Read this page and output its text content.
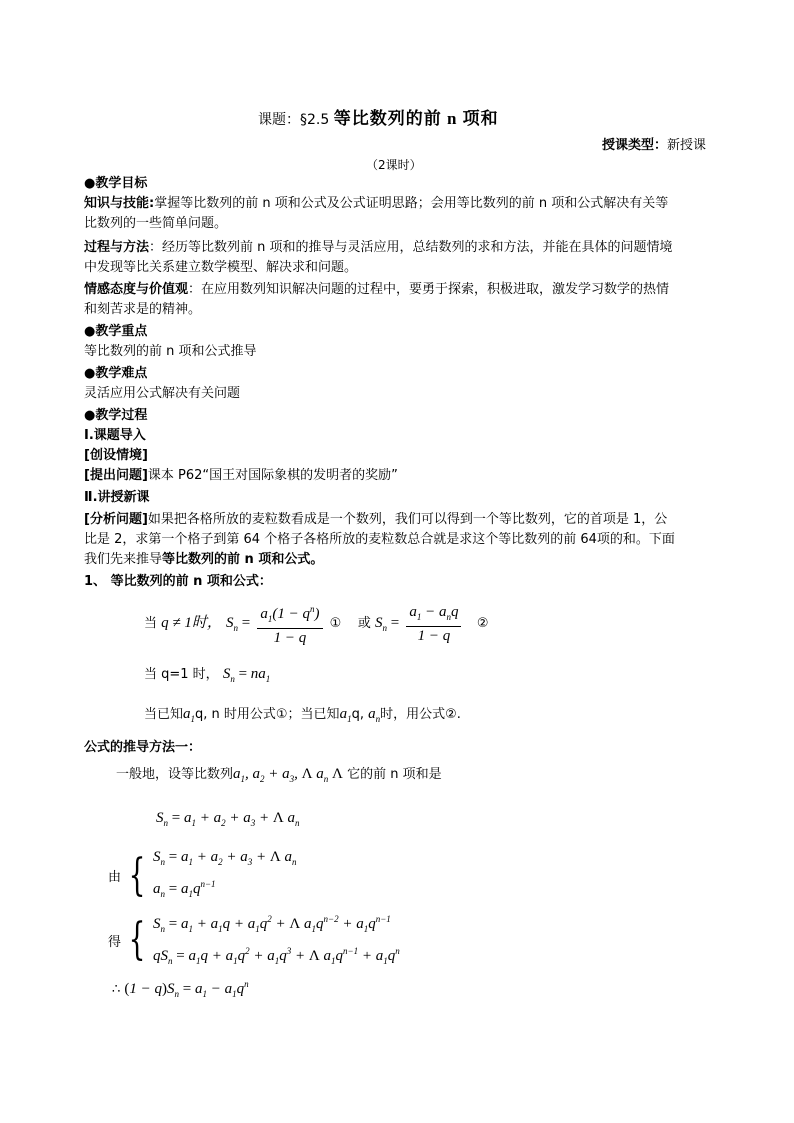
课题：§2.5 等比数列的前 n 项和
授课类型：新授课
（2课时）
●教学目标
知识与技能:掌握等比数列的前 n 项和公式及公式证明思路；会用等比数列的前 n 项和公式解决有关等
比数列的一些简单问题。
过程与方法：经历等比数列前 n 项和的推导与灵活应用，总结数列的求和方法，并能在具体的问题情境
中发现等比关系建立数学模型、解决求和问题。
情感态度与价值观：在应用数列知识解决问题的过程中，要勇于探索，积极进取，激发学习数学的热情
和刻苦求是的精神。
●教学重点
等比数列的前 n 项和公式推导
●教学难点
灵活应用公式解决有关问题
●教学过程
Ⅰ.课题导入
[创设情境]
[提出问题]课本 P62“国王对国际象棋的发明者的奖励”
Ⅱ.讲授新课
[分析问题]如果把各格所放的麦粒数看成是一个数列，我们可以得到一个等比数列，它的首项是 1，公
比是 2，求第一个格子到第 64 个格子各格所放的麦粒数总合就是求这个等比数列的前 64项的和。下面
我们先来推导等比数列的前 n 项和公式。
1、 等比数列的前 n 项和公式：
当 q ≠ 1时， $S_n = \frac{a_1(1 - q^n)}{1 - q}$ ① 或 $S_n = \frac{a_1 - a_nq}{1 - q}$ ②
当 q=1 时， $S_n = na_1$
当已知$a_1q$, n 时用公式①；当已知$a_1q$, $a_n$时，用公式②.
公式的推导方法一：
一般地，设等比数列$a_1$, $a_2 + a_3$, Λ $a_n$ Λ 它的前 n 项和是
$S_n = a_1 + a_2 + a_3 + \Lambda$ $a_n$
由 { $S_n = a_1 + a_2 + a_3 + \Lambda$ $a_n$
$a_n = a_1q^{n-1}$
得 { $S_n = a_1 + a_1q + a_1q^2 + \Lambda$ $a_1q^{n-2} + a_1q^{n-1}$
$qS_n = a_1q + a_1q^2 + a_1q^3 + \Lambda$ $a_1q^{n-1} + a_1q^n$
∴ $(1 - q)S_n = a_1 - a_1q^n$
